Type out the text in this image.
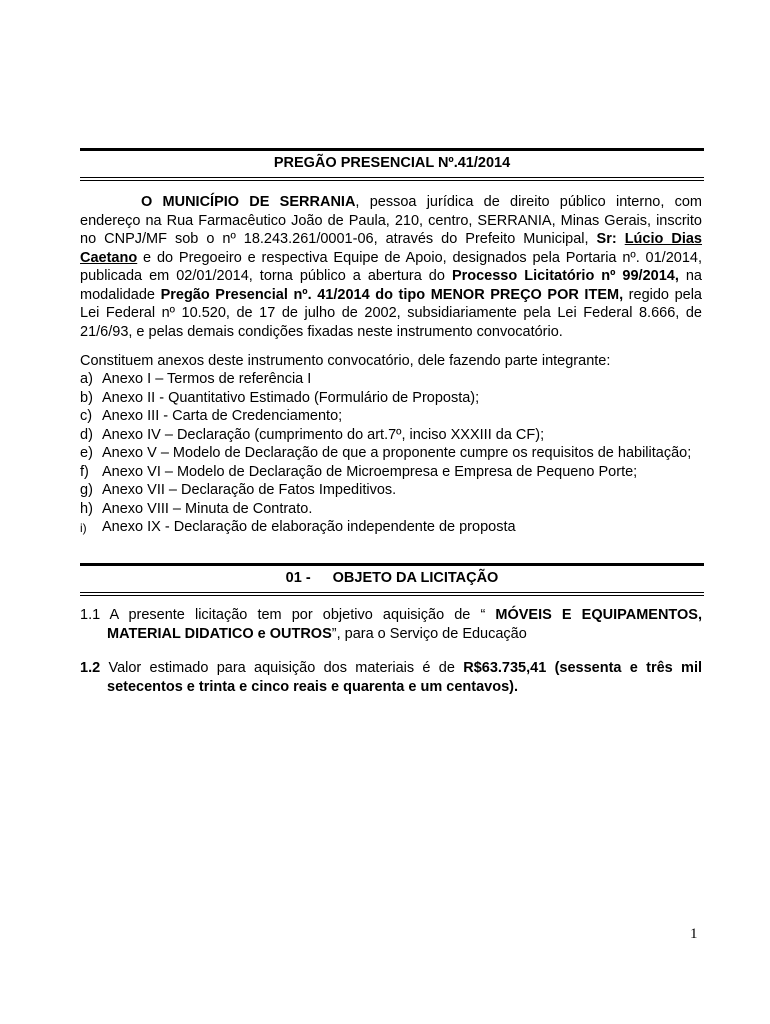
PREGÃO PRESENCIAL Nº.41/2014
O MUNICÍPIO DE SERRANIA, pessoa jurídica de direito público interno, com endereço na Rua Farmacêutico João de Paula, 210, centro, SERRANIA, Minas Gerais, inscrito no CNPJ/MF sob o nº 18.243.261/0001-06, através do Prefeito Municipal, Sr: Lúcio Dias Caetano e do Pregoeiro e respectiva Equipe de Apoio, designados pela Portaria nº. 01/2014, publicada em 02/01/2014, torna público a abertura do Processo Licitatório nº 99/2014, na modalidade Pregão Presencial nº. 41/2014 do tipo MENOR PREÇO POR ITEM, regido pela Lei Federal nº 10.520, de 17 de julho de 2002, subsidiariamente pela Lei Federal 8.666, de 21/6/93, e pelas demais condições fixadas neste instrumento convocatório.
Constituem anexos deste instrumento convocatório, dele fazendo parte integrante:
a) Anexo I – Termos de referência I
b) Anexo II - Quantitativo Estimado (Formulário de Proposta);
c) Anexo III - Carta de Credenciamento;
d) Anexo IV – Declaração (cumprimento do art.7º, inciso XXXIII da CF);
e) Anexo V – Modelo de Declaração de que a proponente cumpre os requisitos de habilitação;
f) Anexo VI – Modelo de Declaração de Microempresa e Empresa de Pequeno Porte;
g) Anexo VII – Declaração de Fatos Impeditivos.
h) Anexo VIII – Minuta de Contrato.
i) Anexo IX - Declaração de elaboração independente de proposta
01 - OBJETO DA LICITAÇÃO
1.1 A presente licitação tem por objetivo aquisição de “ MÓVEIS E EQUIPAMENTOS, MATERIAL DIDATICO e OUTROS”, para o Serviço de Educação
1.2 Valor estimado para aquisição dos materiais é de R$63.735,41 (sessenta e três mil setecentos e trinta e cinco reais e quarenta e um centavos).
1
